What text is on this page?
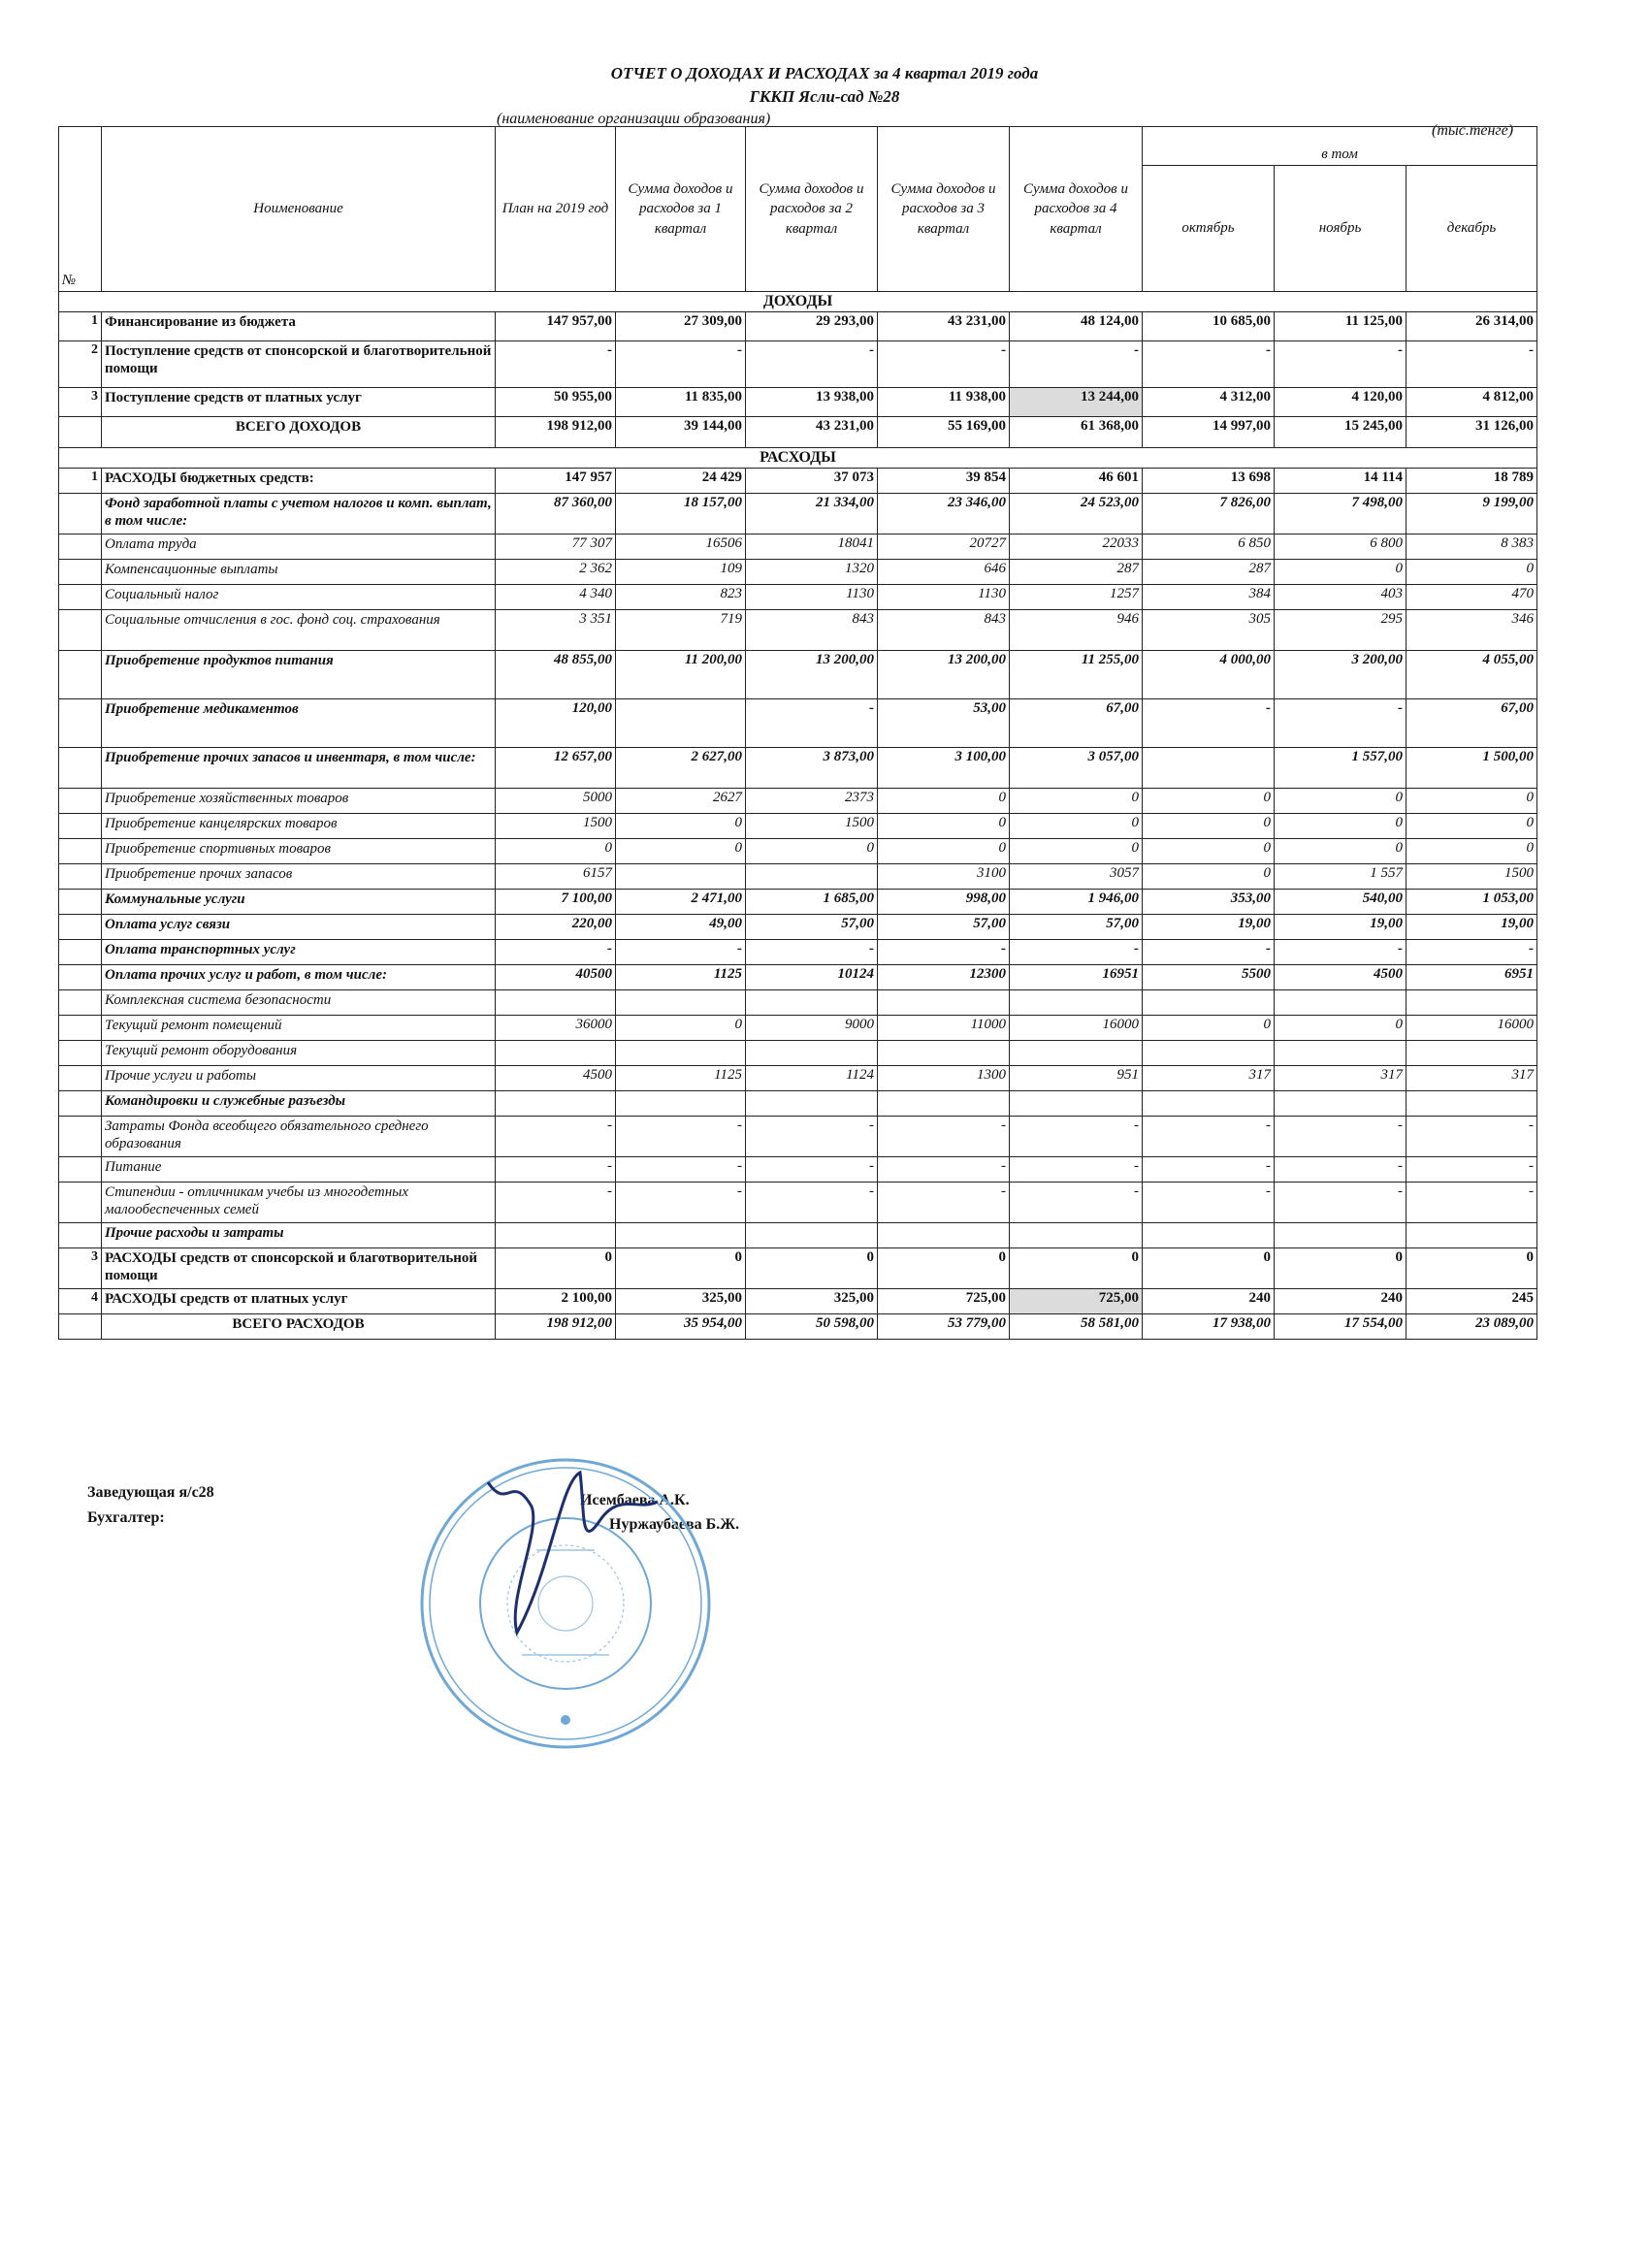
ОТЧЕТ О ДОХОДАХ И РАСХОДАХ за 4 квартал 2019 года
ГККП Ясли-сад №28
(наименование организации образования)
(тыс.тенге)
№	Ноименование	План на 2019 год	Сумма доходов и расходов за 1 квартал	Сумма доходов и расходов за 2 квартал	Сумма доходов и расходов за 3 квартал	Сумма доходов и расходов за 4 квартал	в том		
							октябрь	ноябрь	декабрь
ДОХОДЫ									
1	Финансирование из бюджета	147 957,00	27 309,00	29 293,00	43 231,00	48 124,00	10 685,00	11 125,00	26 314,00
2	Поступление средств от спонсорской и благотворительной помощи	-	-	-	-	-	-	-	-
3	Поступление средств от платных услуг	50 955,00	11 835,00	13 938,00	11 938,00	13 244,00	4 312,00	4 120,00	4 812,00
	ВСЕГО ДОХОДОВ	198 912,00	39 144,00	43 231,00	55 169,00	61 368,00	14 997,00	15 245,00	31 126,00
РАСХОДЫ									
1	РАСХОДЫ бюджетных средств:	147 957	24 429	37 073	39 854	46 601	13 698	14 114	18 789
	Фонд заработной платы с учетом налогов и комп. выплат, в том числе:	87 360,00	18 157,00	21 334,00	23 346,00	24 523,00	7 826,00	7 498,00	9 199,00
	Оплата труда	77 307	16506	18041	20727	22033	6 850	6 800	8 383
	Компенсационные выплаты	2 362	109	1320	646	287	287	0	0
	Социальный налог	4 340	823	1130	1130	1257	384	403	470
	Социальные отчисления в гос. фонд соц. страхования	3 351	719	843	843	946	305	295	346
	Приобретение продуктов питания	48 855,00	11 200,00	13 200,00	13 200,00	11 255,00	4 000,00	3 200,00	4 055,00
	Приобретение медикаментов	120,00		-	53,00	67,00	-	-	67,00
	Приобретение прочих запасов и инвентаря, в том числе:	12 657,00	2 627,00	3 873,00	3 100,00	3 057,00		1 557,00	1 500,00
	Приобретение хозяйственных товаров	5000	2627	2373	0	0	0	0	0
	Приобретение канцелярских товаров	1500	0	1500	0	0	0	0	0
	Приобретение спортивных товаров	0	0	0	0	0	0	0	0
	Приобретение прочих запасов	6157			3100	3057	0	1 557	1500
	Коммунальные услуги	7 100,00	2 471,00	1 685,00	998,00	1 946,00	353,00	540,00	1 053,00
	Оплата услуг связи	220,00	49,00	57,00	57,00	57,00	19,00	19,00	19,00
	Оплата транспортных услуг	-	-	-	-	-	-	-	-
	Оплата прочих услуг и работ, в том числе:	40500	1125	10124	12300	16951	5500	4500	6951
	Комплексная система безопасности								
	Текущий ремонт помещений	36000	0	9000	11000	16000	0	0	16000
	Текущий ремонт оборудования								
	Прочие услуги и работы	4500	1125	1124	1300	951	317	317	317
	Командировки и служебные разъезды								
	Затраты Фонда всеобщего обязательного среднего образования	-	-	-	-	-	-	-	-
	Питание	-	-	-	-	-	-	-	-
	Стипендии - отличникам учебы из многодетных малообеспеченных семей	-	-	-	-	-	-	-	-
	Прочие расходы и затраты								
3	РАСХОДЫ средств от спонсорской и благотворительной помощи	0	0	0	0	0	0	0	0
4	РАСХОДЫ средств от платных услуг	2 100,00	325,00	325,00	725,00	725,00	240	240	245
	ВСЕГО РАСХОДОВ	198 912,00	35 954,00	50 598,00	53 779,00	58 581,00	17 938,00	17 554,00	23 089,00
Заведующая я/с28	Исембаева А.К.
Бухгалтер:	Нуржаубаева Б.Ж.
